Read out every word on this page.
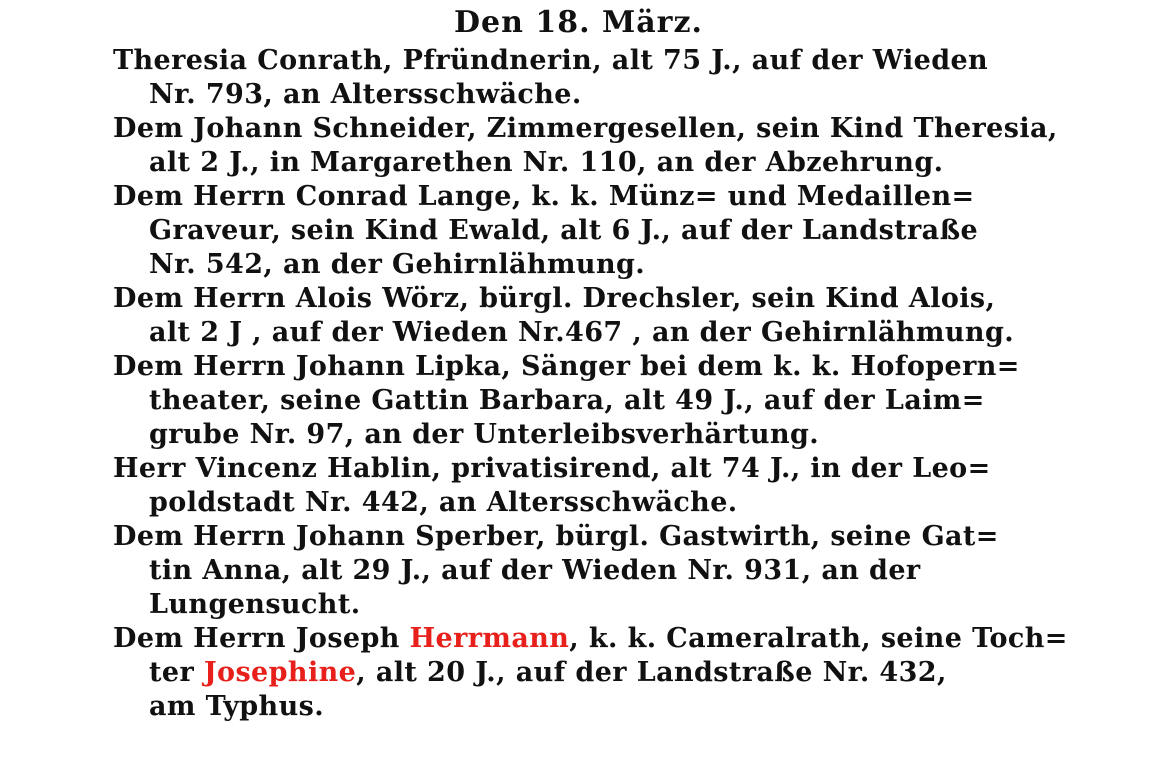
Den 18. März.

Theresia Conrath, Pfründnerin, alt 75 J., auf der Wieden
Nr. 793, an Altersschwäche.

Dem Johann Schneider, Zimmergesellen, sein Kind Theresia,
alt 2 J., in Margarethen Nr. 110, an der Abzehrung.

Dem Herrn Conrad Lange, k. k. Münz= und Medaillen=
Graveur, sein Kind Ewald, alt 6 J., auf der Landstraße
Nr. 542, an der Gehirnlähmung.

Dem Herrn Alois Wörz, bürgl. Drechsler, sein Kind Alois,
alt 2 J , auf der Wieden Nr.467 , an der Gehirnlähmung.

Dem Herrn Johann Lipka, Sänger bei dem k. k. Hofopern=
theater, seine Gattin Barbara, alt 49 J., auf der Laim=
grube Nr. 97, an der Unterleibsverhärtung.

Herr Vincenz Hablin, privatisirend, alt 74 J., in der Leo=
poldstadt Nr. 442, an Altersschwäche.

Dem Herrn Johann Sperber, bürgl. Gastwirth, seine Gat=
tin Anna, alt 29 J., auf der Wieden Nr. 931, an der
Lungensucht.

Dem Herrn Joseph Herrmann, k. k. Cameralrath, seine Toch=
ter Josephine, alt 20 J., auf der Landstraße Nr. 432,
am Typhus.
